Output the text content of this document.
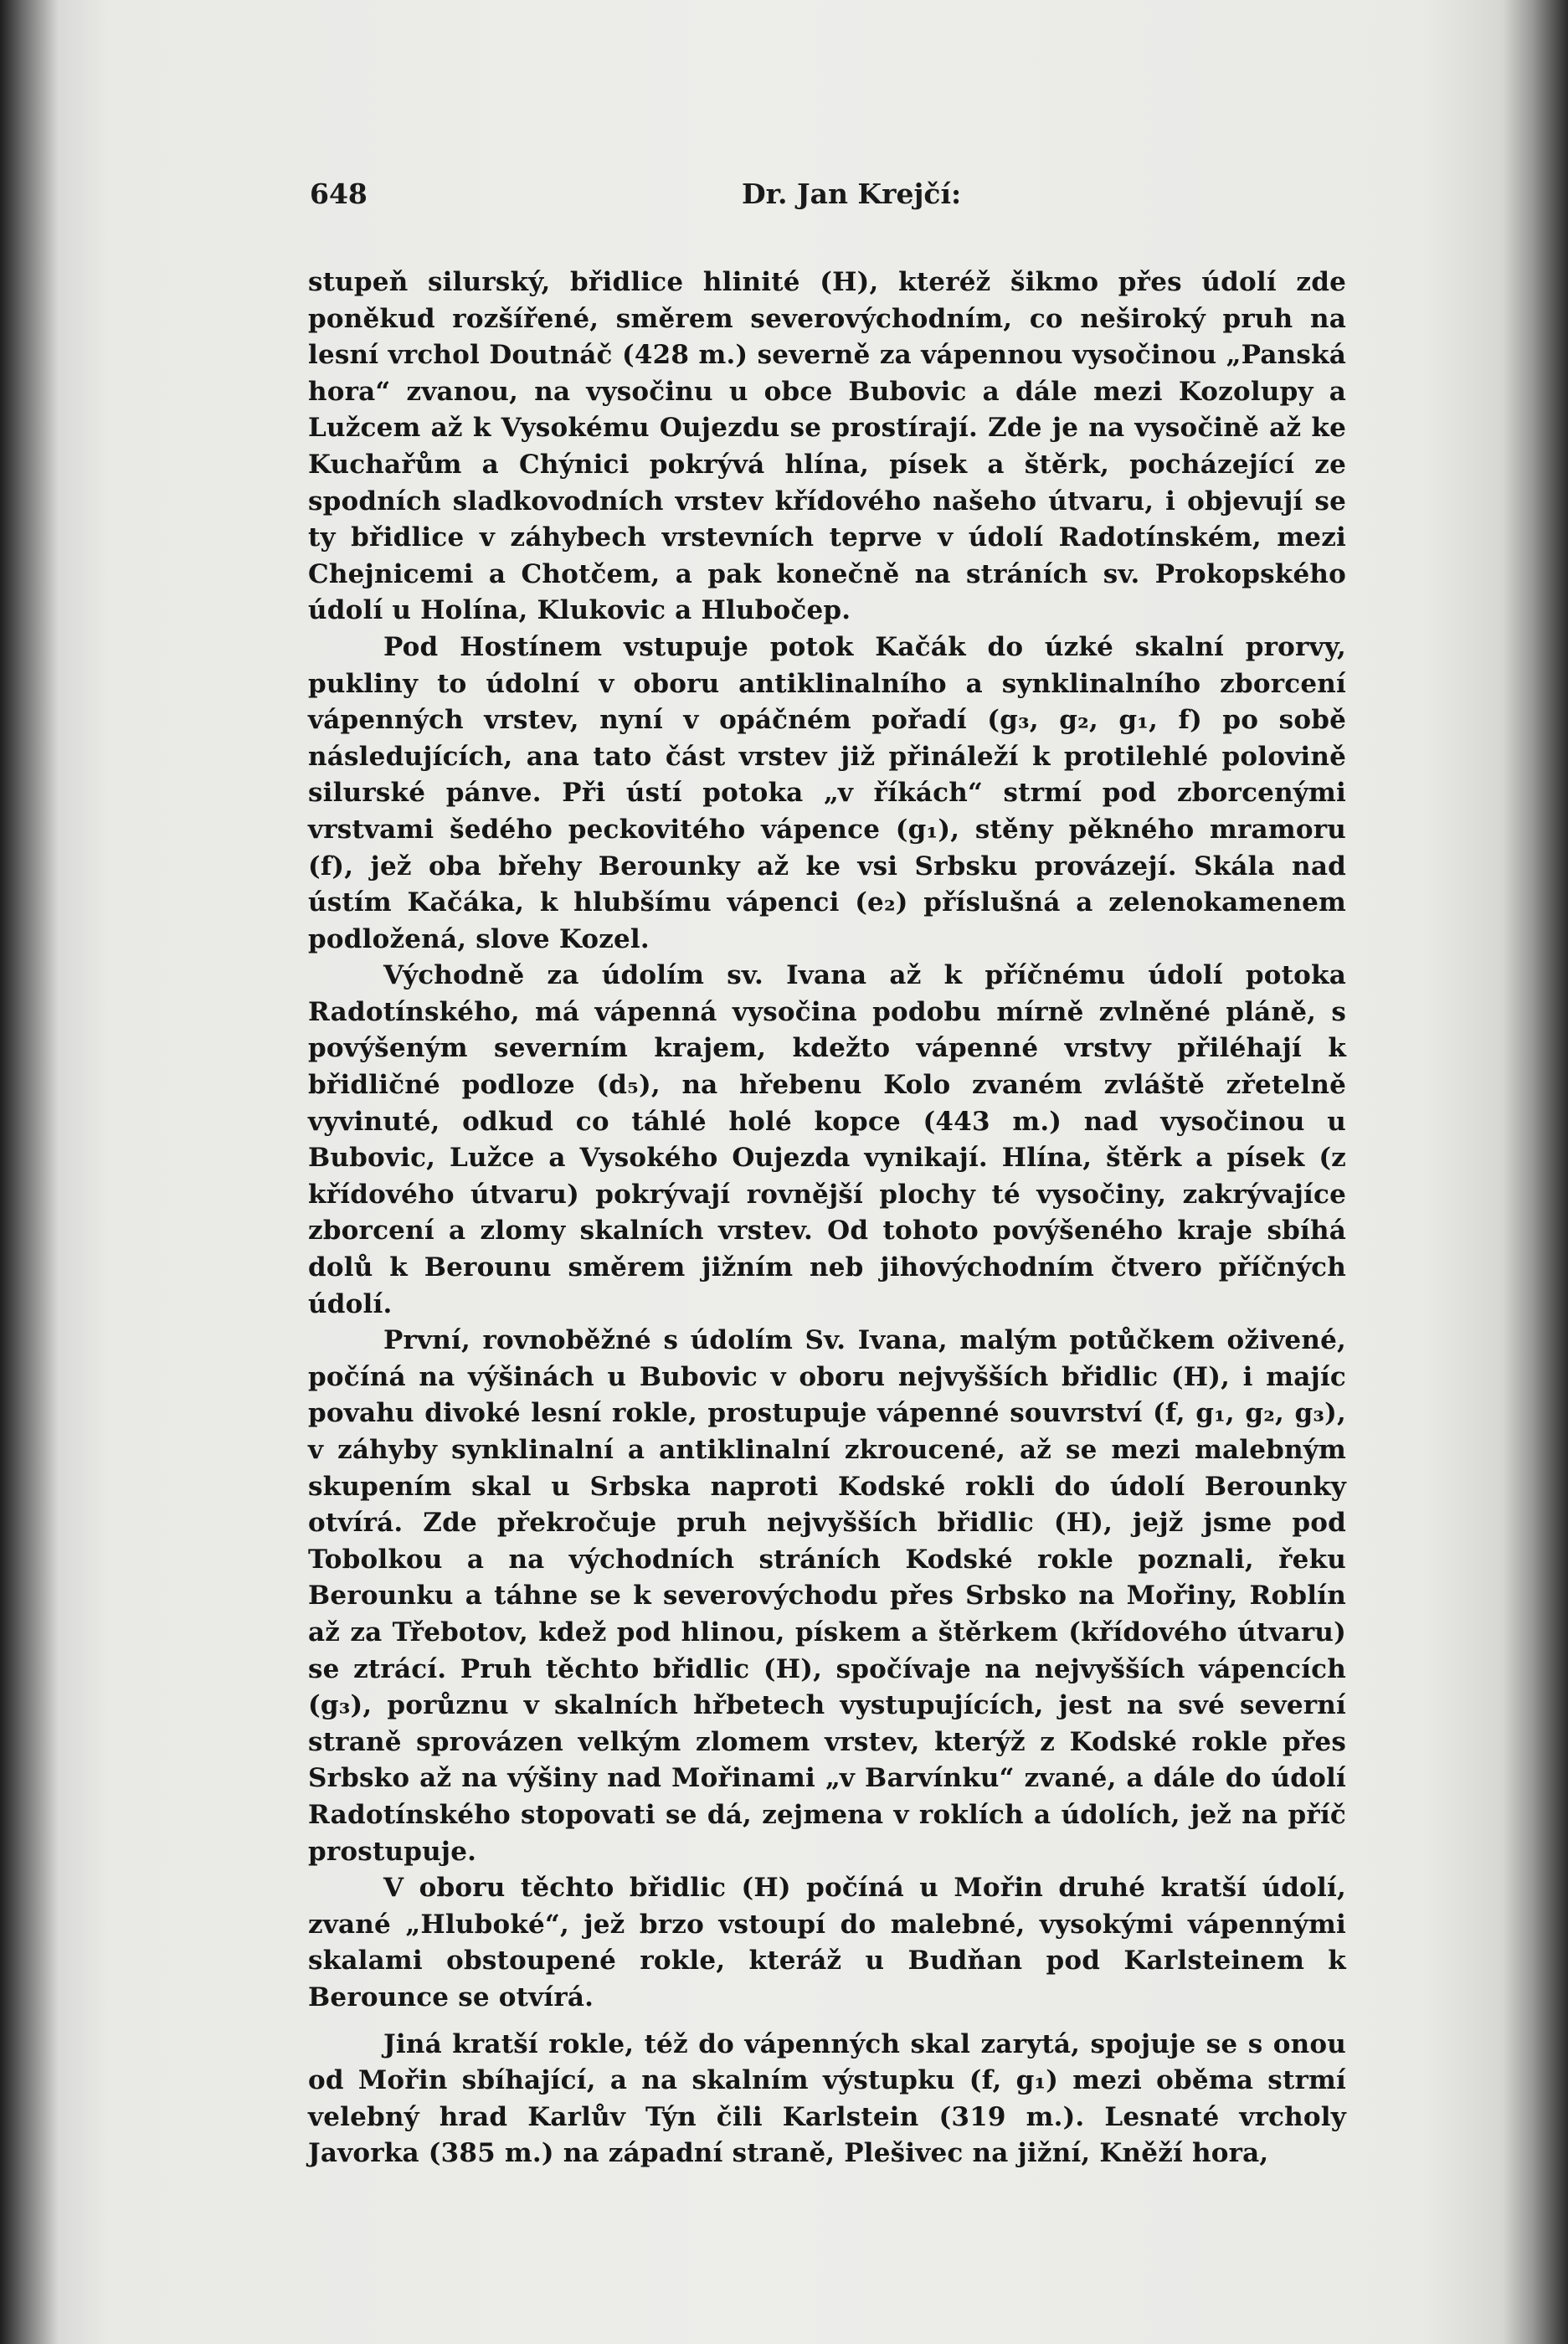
648	Dr. Jan Krejčí:

stupeň silurský, břidlice hlinité (H), kteréž šikmo přes údolí zde poněkud rozšířené, směrem severovýchodním, co neširoký pruh na lesní vrchol Doutnáč (428 m.) severně za vápennou vysočinou „Panská hora“ zvanou, na vysočinu u obce Bubovic a dále mezi Kozolupy a Lužcem až k Vysokému Oujezdu se prostírají. Zde je na vysočině až ke Kuchařům a Chýnici pokrývá hlína, písek a štěrk, pocházející ze spodních sladkovodních vrstev křídového našeho útvaru, i objevují se ty břidlice v záhybech vrstevních teprve v údolí Radotínském, mezi Chejnicemi a Chotčem, a pak konečně na stráních sv. Prokopského údolí u Holína, Klukovic a Hlubočep.

Pod Hostínem vstupuje potok Kačák do úzké skalní prorvy, pukliny to údolní v oboru antiklinalního a synklinalního zborcení vápenných vrstev, nyní v opáčném pořadí (g₃, g₂, g₁, f) po sobě následujících, ana tato část vrstev již přináleží k protilehlé polovině silurské pánve. Při ústí potoka „v říkách“ strmí pod zborcenými vrstvami šedého peckovitého vápence (g₁), stěny pěkného mramoru (f), jež oba břehy Berounky až ke vsi Srbsku provázejí. Skála nad ústím Kačáka, k hlubšímu vápenci (e₂) příslušná a zelenokamenem podložená, slove Kozel.

Východně za údolím sv. Ivana až k příčnému údolí potoka Radotínského, má vápenná vysočina podobu mírně zvlněné pláně, s povýšeným severním krajem, kdežto vápenné vrstvy přiléhají k břidličné podloze (d₅), na hřebenu Kolo zvaném zvláště zřetelně vyvinuté, odkud co táhlé holé kopce (443 m.) nad vysočinou u Bubovic, Lužce a Vysokého Oujezda vynikají. Hlína, štěrk a písek (z křídového útvaru) pokrývají rovnější plochy té vysočiny, zakrývajíce zborcení a zlomy skalních vrstev. Od tohoto povýšeného kraje sbíhá dolů k Berounu směrem jižním neb jihovýchodním čtvero příčných údolí.

První, rovnoběžné s údolím Sv. Ivana, malým potůčkem oživené, počíná na výšinách u Bubovic v oboru nejvyšších břidlic (H), i majíc povahu divoké lesní rokle, prostupuje vápenné souvrství (f, g₁, g₂, g₃), v záhyby synklinalní a antiklinalní zkroucené, až se mezi malebným skupením skal u Srbska naproti Kodské rokli do údolí Berounky otvírá. Zde překročuje pruh nejvyšších břidlic (H), jejž jsme pod Tobolkou a na východních stráních Kodské rokle poznali, řeku Berounku a táhne se k severovýchodu přes Srbsko na Mořiny, Roblín až za Třebotov, kdež pod hlinou, pískem a štěrkem (křídového útvaru) se ztrácí. Pruh těchto břidlic (H), spočívaje na nejvyšších vápencích (g₃), porůznu v skalních hřbetech vystupujících, jest na své severní straně sprovázen velkým zlomem vrstev, kterýž z Kodské rokle přes Srbsko až na výšiny nad Mořinami „v Barvínku“ zvané, a dále do údolí Radotínského stopovati se dá, zejmena v roklích a údolích, jež na příč prostupuje.

V oboru těchto břidlic (H) počíná u Mořin druhé kratší údolí, zvané „Hluboké“, jež brzo vstoupí do malebné, vysokými vápennými skalami obstoupené rokle, kteráž u Budňan pod Karlsteinem k Berounce se otvírá.

Jiná kratší rokle, též do vápenných skal zarytá, spojuje se s onou od Mořin sbíhající, a na skalním výstupku (f, g₁) mezi oběma strmí velebný hrad Karlův Týn čili Karlstein (319 m.). Lesnaté vrcholy Javorka (385 m.) na západní straně, Plešivec na jižní, Kněží hora,
